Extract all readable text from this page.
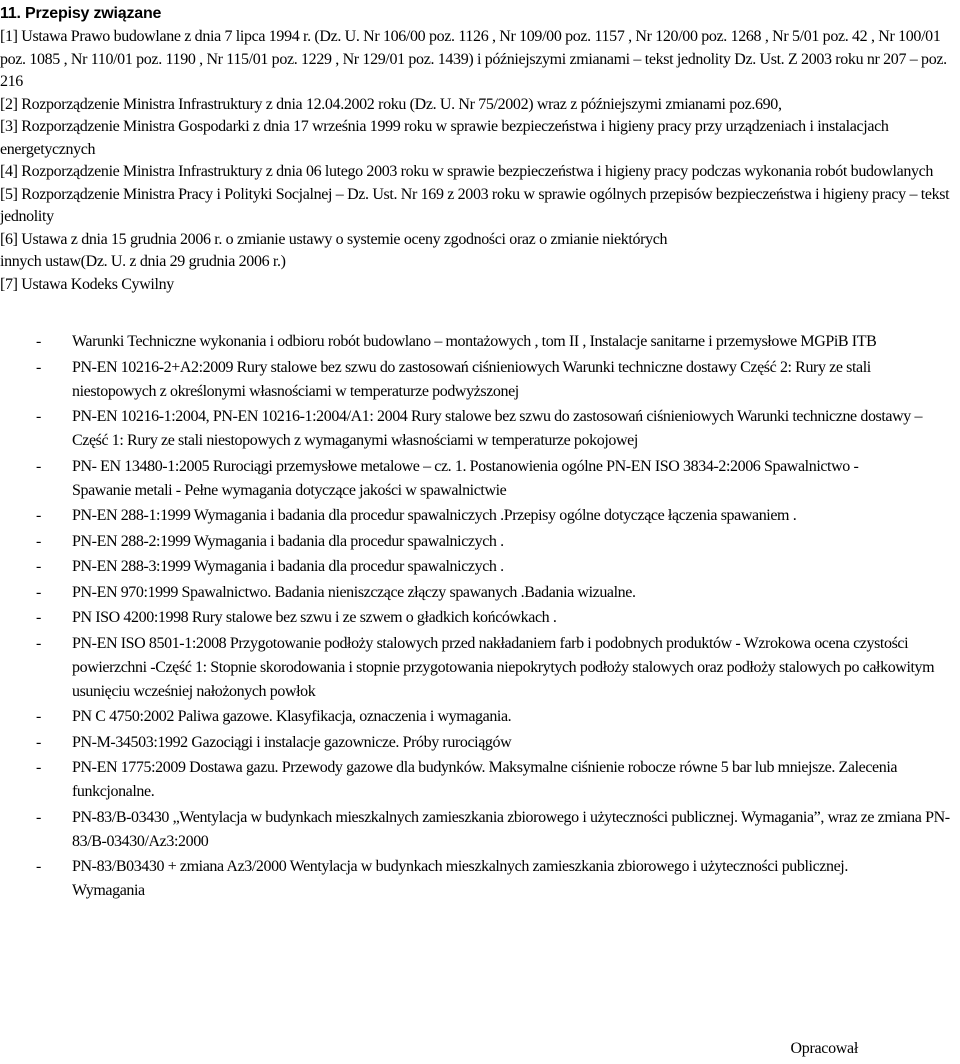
11. Przepisy związane

[1] Ustawa Prawo budowlane z dnia 7 lipca 1994 r. (Dz. U. Nr 106/00 poz. 1126 , Nr 109/00 poz. 1157 , Nr 120/00 poz. 1268 , Nr 5/01 poz. 42 , Nr 100/01 poz. 1085 , Nr 110/01 poz. 1190 , Nr 115/01 poz. 1229 , Nr 129/01 poz. 1439) i późniejszymi zmianami – tekst jednolity Dz. Ust. Z 2003 roku nr 207 – poz. 216

[2] Rozporządzenie Ministra Infrastruktury z dnia 12.04.2002 roku (Dz. U. Nr 75/2002) wraz z późniejszymi zmianami poz.690,

[3] Rozporządzenie Ministra Gospodarki z dnia 17 września 1999 roku w sprawie bezpieczeństwa i higieny pracy przy urządzeniach i instalacjach energetycznych

[4] Rozporządzenie Ministra Infrastruktury z dnia 06 lutego 2003 roku w sprawie bezpieczeństwa i higieny pracy podczas wykonania robót budowlanych

[5] Rozporządzenie Ministra Pracy i Polityki Socjalnej – Dz. Ust. Nr 169 z 2003 roku w sprawie ogólnych przepisów bezpieczeństwa i higieny pracy – tekst jednolity

[6] Ustawa z dnia 15 grudnia 2006 r. o zmianie ustawy o systemie oceny zgodności oraz o zmianie niektórych innych ustaw(Dz. U. z dnia 29 grudnia 2006 r.)

[7] Ustawa Kodeks Cywilny

- Warunki Techniczne wykonania i odbioru robót budowlano – montażowych , tom II , Instalacje sanitarne i przemysłowe MGPiB ITB
- PN-EN 10216-2+A2:2009 Rury stalowe bez szwu do zastosowań ciśnieniowych Warunki techniczne dostawy Część 2: Rury ze stali niestopowych z określonymi własnościami w temperaturze podwyższonej
- PN-EN 10216-1:2004, PN-EN 10216-1:2004/A1: 2004 Rury stalowe bez szwu do zastosowań ciśnieniowych Warunki techniczne dostawy – Część 1: Rury ze stali niestopowych z wymaganymi własnościami w temperaturze pokojowej
- PN- EN 13480-1:2005 Rurociągi przemysłowe metalowe – cz. 1. Postanowienia ogólne PN-EN ISO 3834-2:2006 Spawalnictwo - Spawanie metali - Pełne wymagania dotyczące jakości w spawalnictwie
- PN-EN 288-1:1999 Wymagania i badania dla procedur spawalniczych .Przepisy ogólne dotyczące łączenia spawaniem .
- PN-EN 288-2:1999 Wymagania i badania dla procedur spawalniczych .
- PN-EN 288-3:1999 Wymagania i badania dla procedur spawalniczych .
- PN-EN 970:1999 Spawalnictwo. Badania nieniszczące złączy spawanych .Badania wizualne.
- PN ISO 4200:1998 Rury stalowe bez szwu i ze szwem o gładkich końcówkach .
- PN-EN ISO 8501-1:2008 Przygotowanie podłoży stalowych przed nakładaniem farb i podobnych produktów - Wzrokowa ocena czystości powierzchni -Część 1: Stopnie skorodowania i stopnie przygotowania niepokrytych podłoży stalowych oraz podłoży stalowych po całkowitym usunięciu wcześniej nałożonych powłok
- PN C 4750:2002 Paliwa gazowe. Klasyfikacja, oznaczenia i wymagania.
- PN-M-34503:1992 Gazociągi i instalacje gazownicze. Próby rurociągów
- PN-EN 1775:2009 Dostawa gazu. Przewody gazowe dla budynków. Maksymalne ciśnienie robocze równe 5 bar lub mniejsze. Zalecenia funkcjonalne.
- PN-83/B-03430 „Wentylacja w budynkach mieszkalnych zamieszkania zbiorowego i użyteczności publicznej. Wymagania”, wraz ze zmiana PN-83/B-03430/Az3:2000
- PN-83/B03430 + zmiana Az3/2000 Wentylacja w budynkach mieszkalnych zamieszkania zbiorowego i użyteczności publicznej. Wymagania
Opracował
